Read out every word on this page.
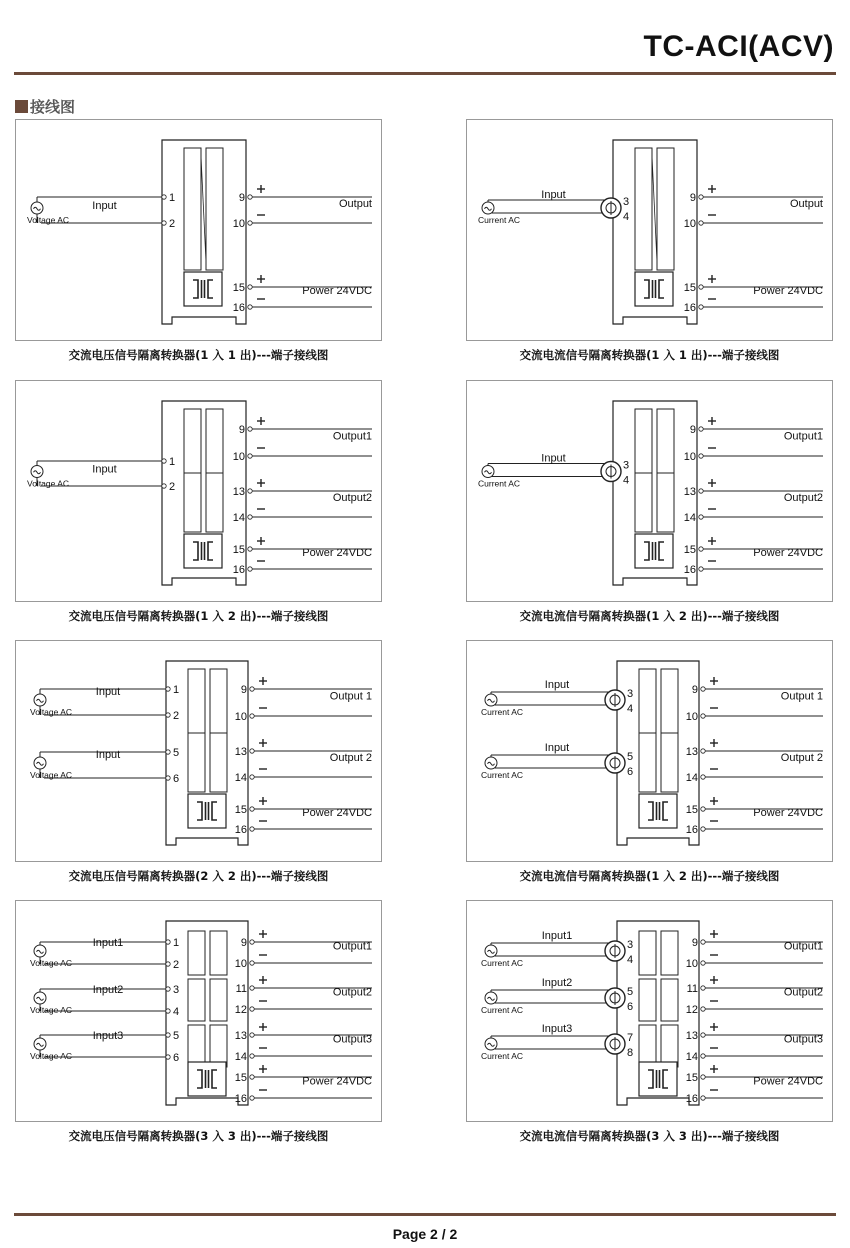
TC-ACI(ACV)
接线图
9
10
Output
15
16
Power 24VDC
Voltage AC
1
2
Input
交流电压信号隔离转换器(1 入 1 出)---端子接线图
9
10
Output
15
16
Power 24VDC
Current AC
3
4
Input
交流电流信号隔离转换器(1 入 1 出)---端子接线图
9
10
Output1
13
14
Output2
15
16
Power 24VDC
Voltage AC
1
2
Input
交流电压信号隔离转换器(1 入 2 出)---端子接线图
9
10
Output1
13
14
Output2
15
16
Power 24VDC
Current AC
3
4
Input
交流电流信号隔离转换器(1 入 2 出)---端子接线图
9
10
Output 1
13
14
Output 2
15
16
Power 24VDC
Voltage AC
1
2
Input
Voltage AC
5
6
Input
交流电压信号隔离转换器(2 入 2 出)---端子接线图
9
10
Output 1
13
14
Output 2
15
16
Power 24VDC
Current AC
3
4
Input
Current AC
5
6
Input
交流电流信号隔离转换器(1 入 2 出)---端子接线图
9
10
Output1
11
12
Output2
13
14
Output3
15
16
Power 24VDC
Voltage AC
1
2
Input1
Voltage AC
3
4
Input2
Voltage AC
5
6
Input3
交流电压信号隔离转换器(3 入 3 出)---端子接线图
9
10
Output1
11
12
Output2
13
14
Output3
15
16
Power 24VDC
Current AC
3
4
Input1
Current AC
5
6
Input2
Current AC
7
8
Input3
交流电流信号隔离转换器(3 入 3 出)---端子接线图
Page 2 / 2
